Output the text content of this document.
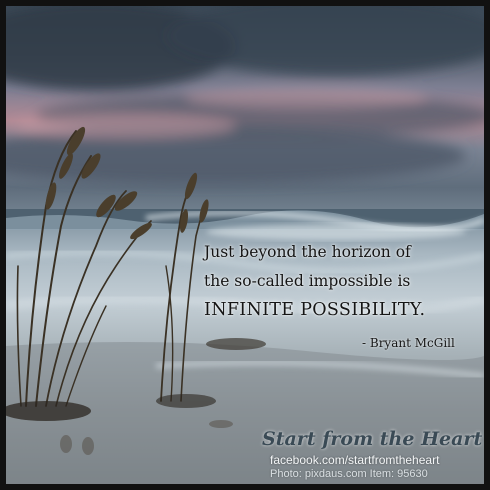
Just beyond the horizon of
the so-called impossible is
INFINITE POSSIBILITY.
- Bryant McGill
Start from the Heart
facebook.com/startfromtheheart
Photo: pixdaus.com Item: 95630
